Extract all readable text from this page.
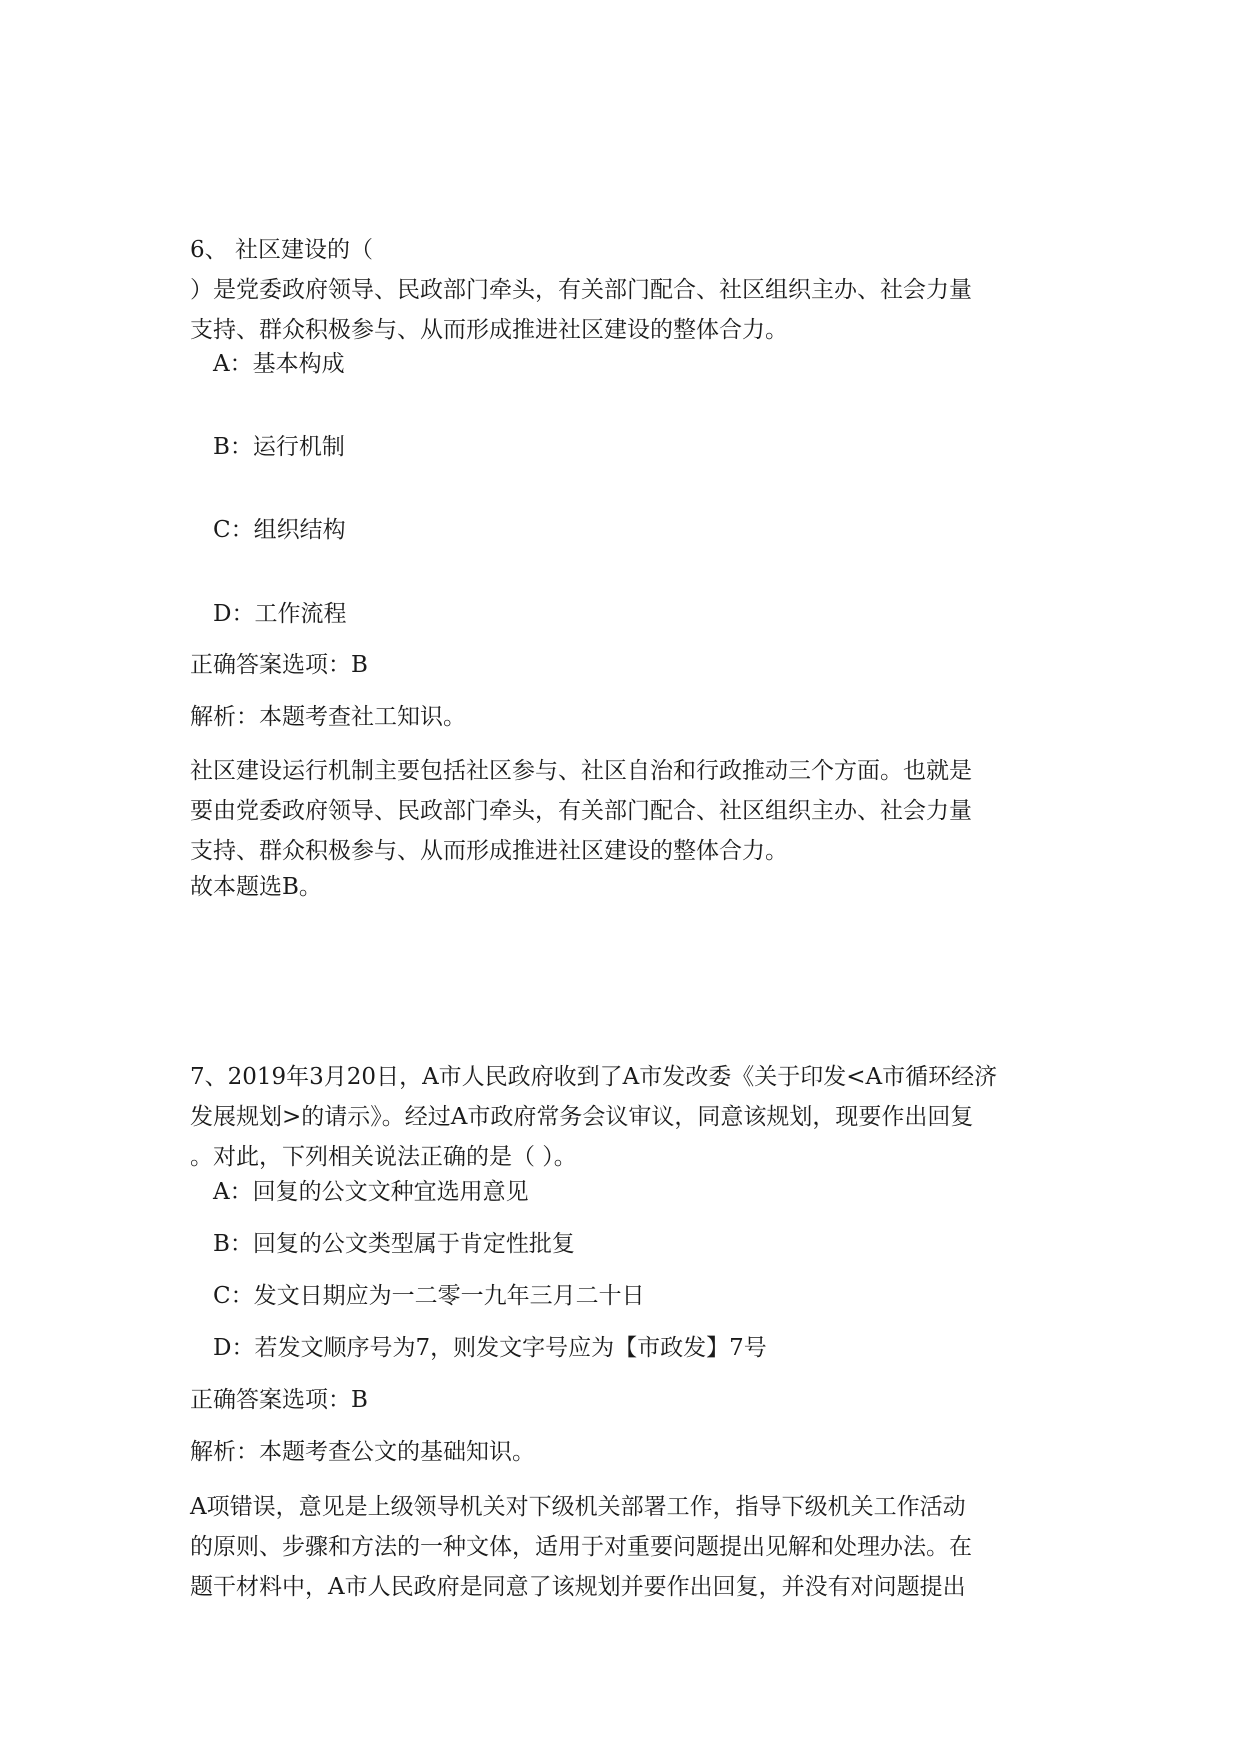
6、 社区建设的（
）是党委政府领导、民政部门牵头，有关部门配合、社区组织主办、社会力量
支持、群众积极参与、从而形成推进社区建设的整体合力。
A：基本构成
B：运行机制
C：组织结构
D：工作流程
正确答案选项：B
解析：本题考查社工知识。
社区建设运行机制主要包括社区参与、社区自治和行政推动三个方面。也就是
要由党委政府领导、民政部门牵头，有关部门配合、社区组织主办、社会力量
支持、群众积极参与、从而形成推进社区建设的整体合力。
故本题选B。
7、2019年3月20日，A市人民政府收到了A市发改委《关于印发<A市循环经济
发展规划>的请示》。经过A市政府常务会议审议，同意该规划，现要作出回复
。对此，下列相关说法正确的是（ ）。
A：回复的公文文种宜选用意见
B：回复的公文类型属于肯定性批复
C：发文日期应为一二零一九年三月二十日
D：若发文顺序号为7，则发文字号应为【市政发】7号
正确答案选项：B
解析：本题考查公文的基础知识。
A项错误，意见是上级领导机关对下级机关部署工作，指导下级机关工作活动
的原则、步骤和方法的一种文体，适用于对重要问题提出见解和处理办法。在
题干材料中，A市人民政府是同意了该规划并要作出回复，并没有对问题提出
